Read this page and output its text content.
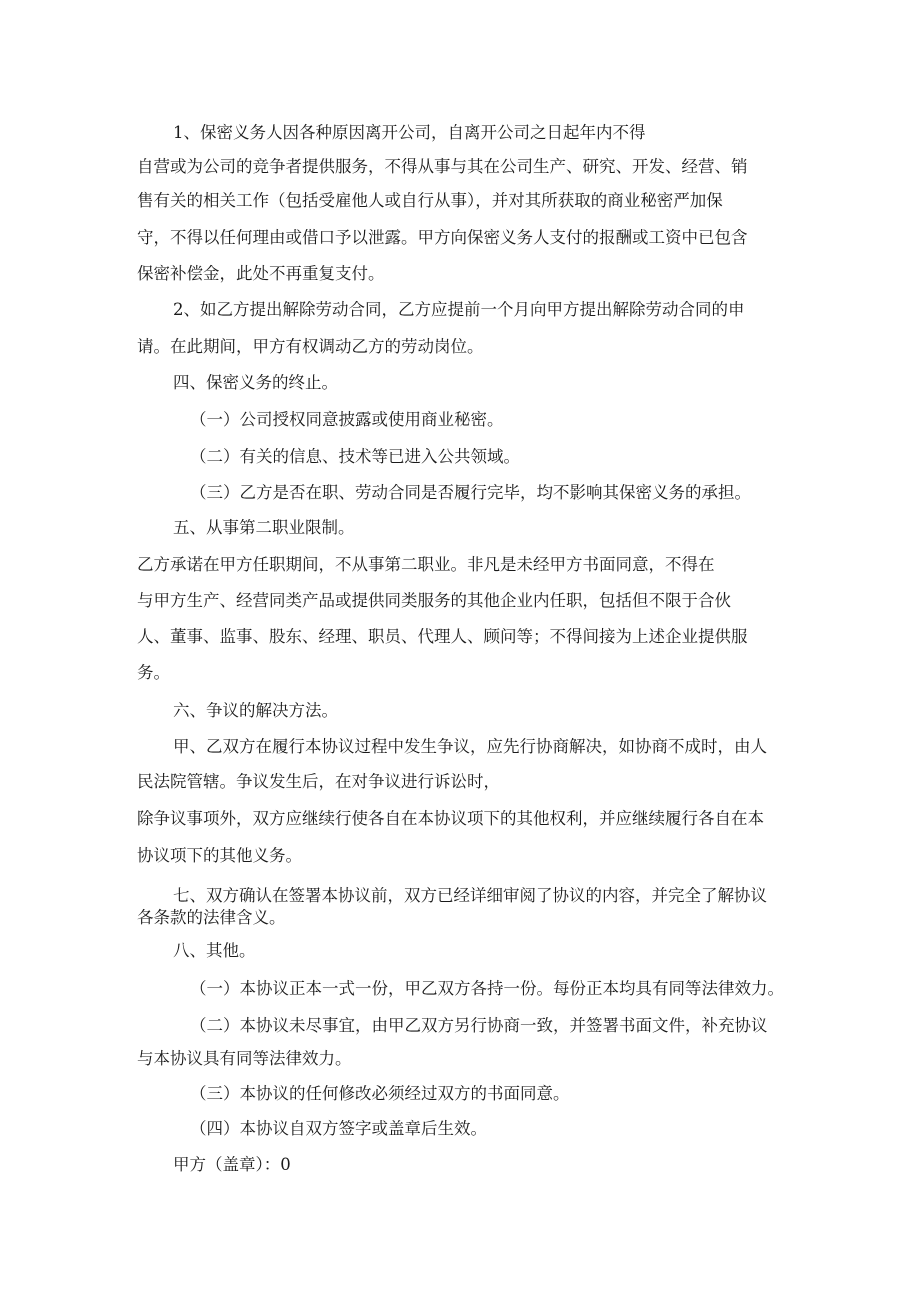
1、保密义务人因各种原因离开公司，自离开公司之日起年内不得

自营或为公司的竞争者提供服务，不得从事与其在公司生产、研究、开发、经营、销

售有关的相关工作（包括受雇他人或自行从事），并对其所获取的商业秘密严加保

守，不得以任何理由或借口予以泄露。甲方向保密义务人支付的报酬或工资中已包含

保密补偿金，此处不再重复支付。

2、如乙方提出解除劳动合同，乙方应提前一个月向甲方提出解除劳动合同的申

请。在此期间，甲方有权调动乙方的劳动岗位。

四、保密义务的终止。

（一）公司授权同意披露或使用商业秘密。

（二）有关的信息、技术等已进入公共领域。

（三）乙方是否在职、劳动合同是否履行完毕，均不影响其保密义务的承担。

五、从事第二职业限制。

乙方承诺在甲方任职期间，不从事第二职业。非凡是未经甲方书面同意，不得在

与甲方生产、经营同类产品或提供同类服务的其他企业内任职，包括但不限于合伙

人、董事、监事、股东、经理、职员、代理人、顾问等；不得间接为上述企业提供服

务。

六、争议的解决方法。

甲、乙双方在履行本协议过程中发生争议，应先行协商解决，如协商不成时，由人

民法院管辖。争议发生后，在对争议进行诉讼时，

除争议事项外，双方应继续行使各自在本协议项下的其他权利，并应继续履行各自在本

协议项下的其他义务。

七、双方确认在签署本协议前，双方已经详细审阅了协议的内容，并完全了解协议

各条款的法律含义。

八、其他。

（一）本协议正本一式一份，甲乙双方各持一份。每份正本均具有同等法律效力。

（二）本协议未尽事宜，由甲乙双方另行协商一致，并签署书面文件，补充协议

与本协议具有同等法律效力。

（三）本协议的任何修改必须经过双方的书面同意。

（四）本协议自双方签字或盖章后生效。

甲方（盖章）：0
